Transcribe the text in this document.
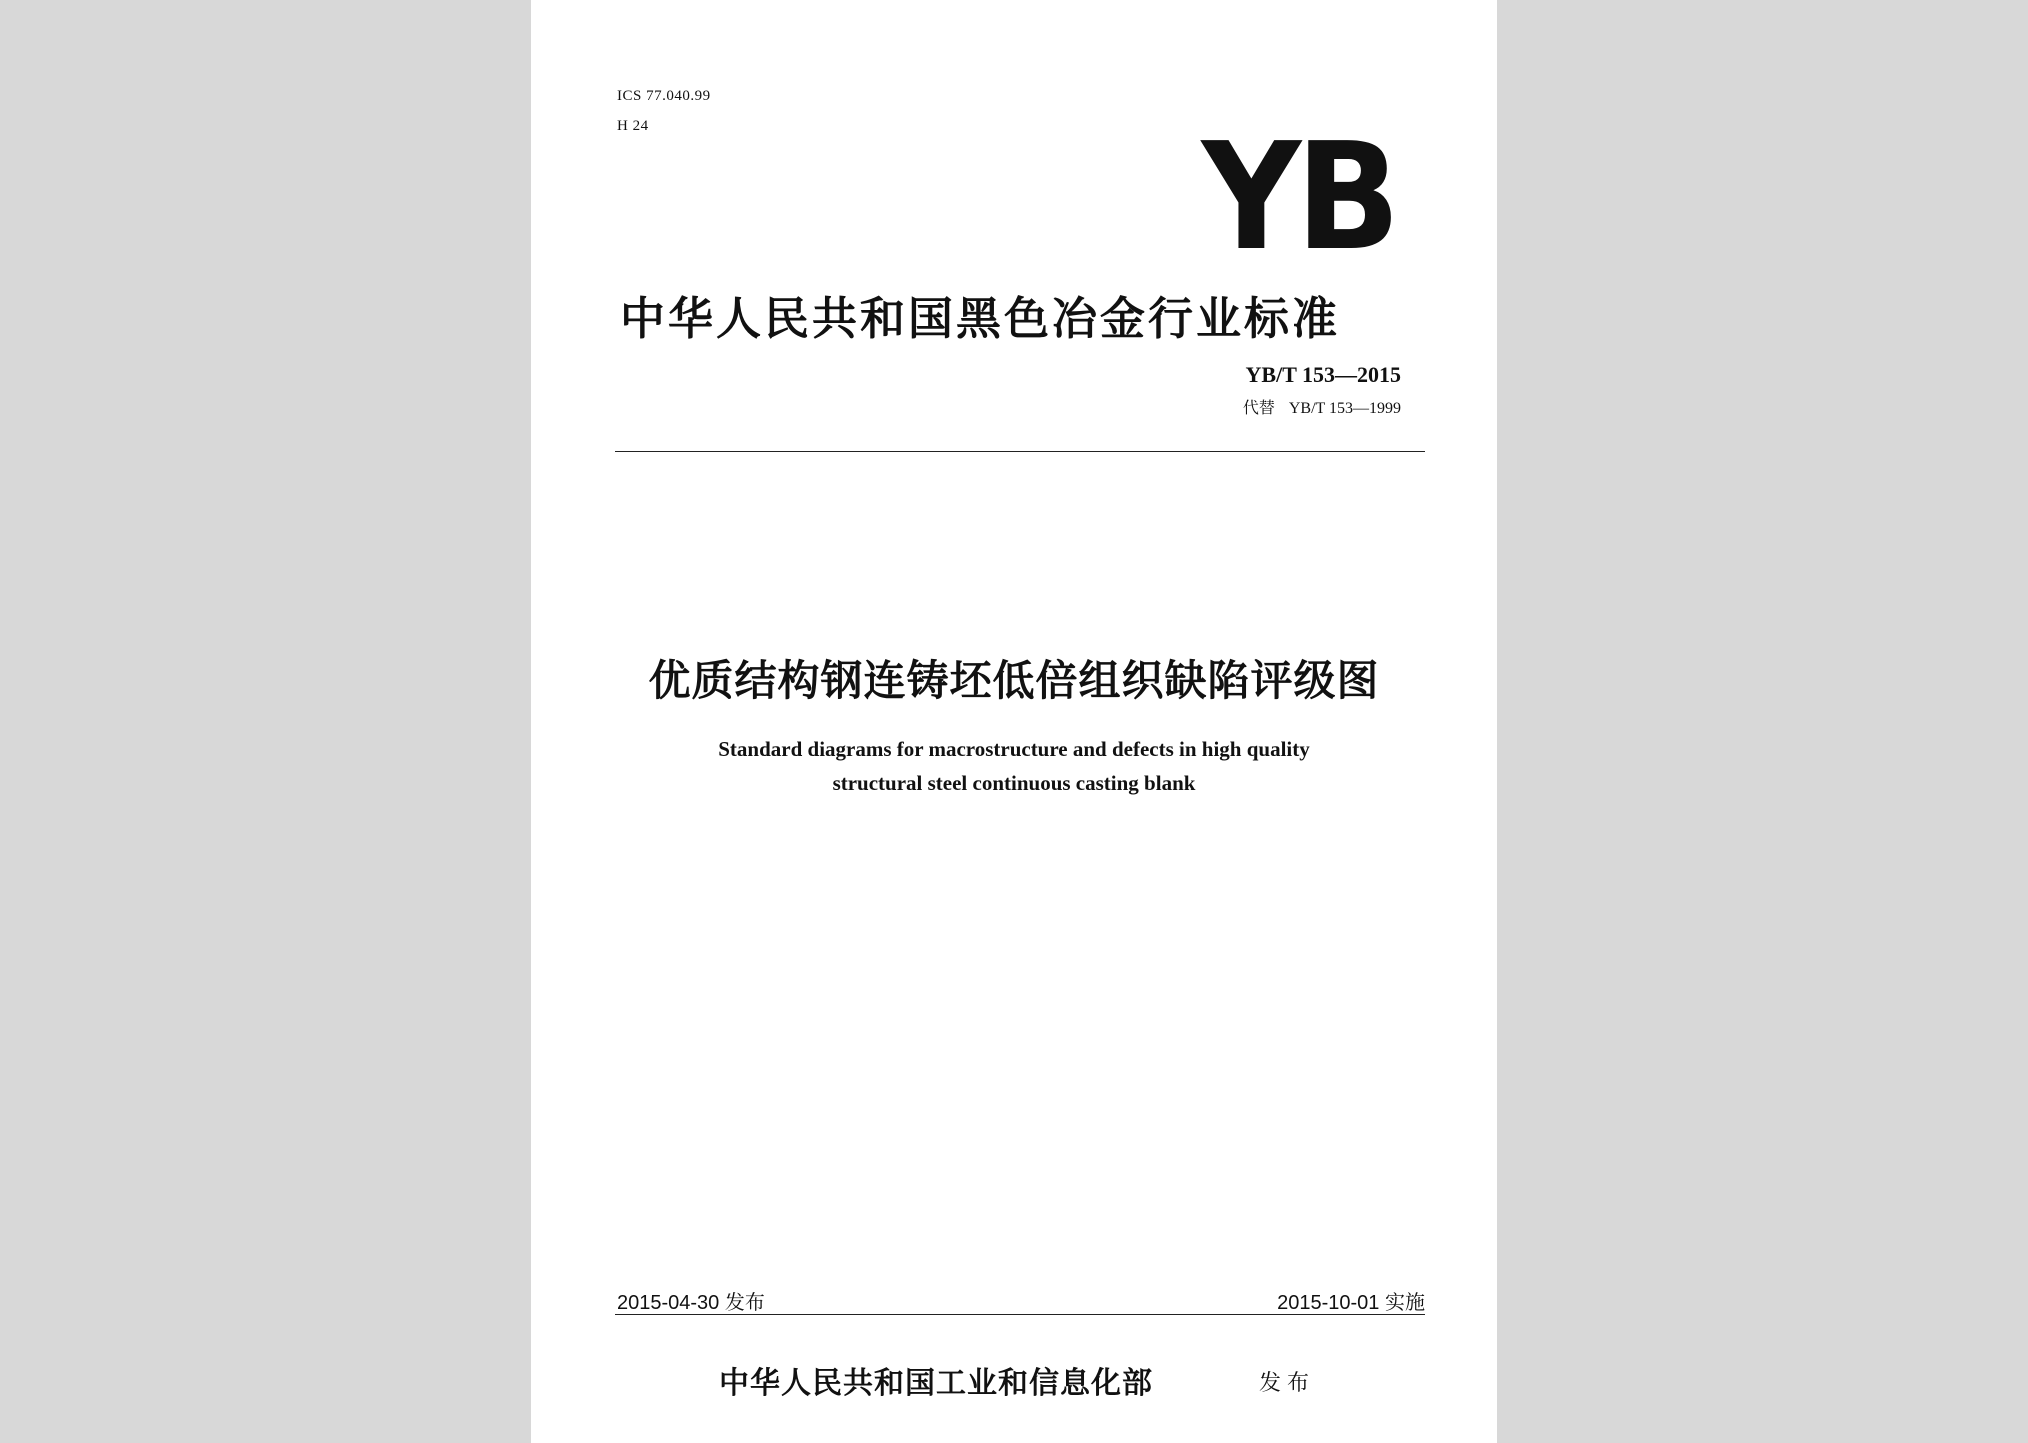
ICS 77.040.99
H 24	YB
中华人民共和国黑色冶金行业标准
YB/T 153—2015
代替 YB/T 153—1999
优质结构钢连铸坯低倍组织缺陷评级图
Standard diagrams for macrostructure and defects in high quality
structural steel continuous casting blank
2015-04-30 发布	2015-10-01 实施
中华人民共和国工业和信息化部	发布
